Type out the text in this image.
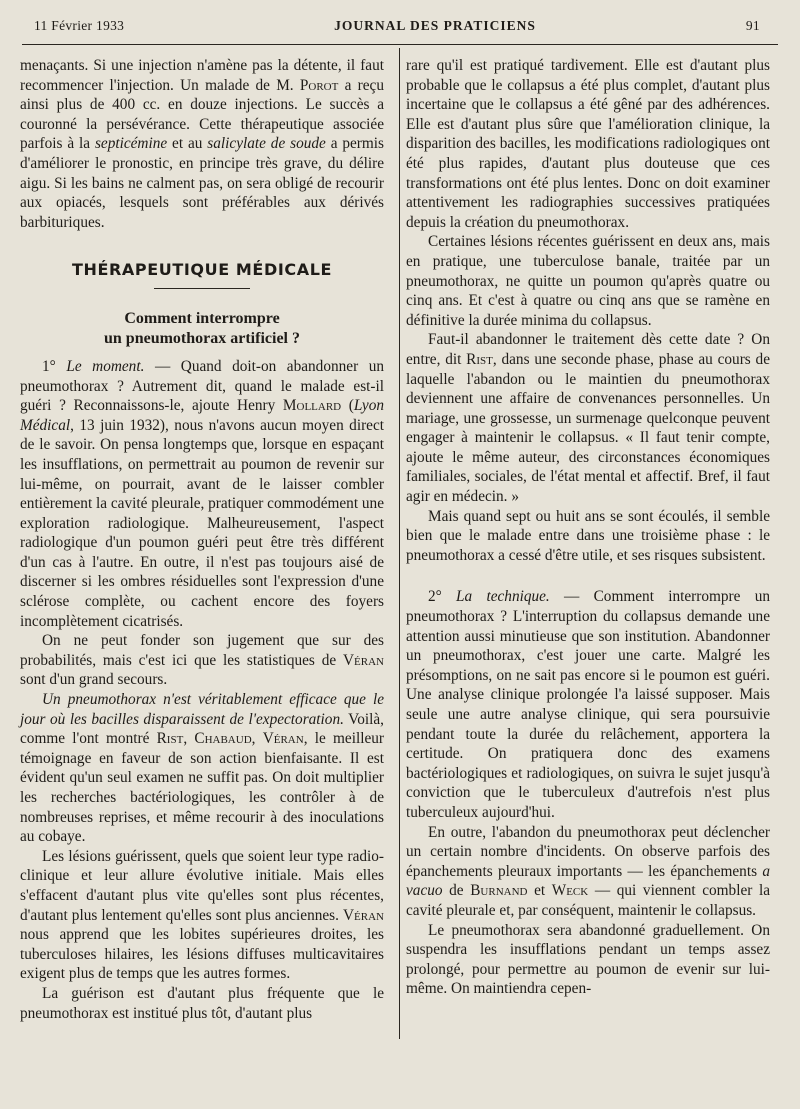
11 Février 1933	JOURNAL DES PRATICIENS	91

menaçants. Si une injection n'amène pas la détente, il faut recommencer l'injection. Un malade de M. Porot a reçu ainsi plus de 400 cc. en douze injections. Le succès a couronné la persévérance. Cette thérapeutique associée parfois à la septicémine et au salicylate de soude a permis d'améliorer le pronostic, en principe très grave, du délire aigu. Si les bains ne calment pas, on sera obligé de recourir aux opiacés, lesquels sont préférables aux dérivés barbituriques.

THÉRAPEUTIQUE MÉDICALE
Comment interrompre
un pneumothorax artificiel ?

1° Le moment. — Quand doit-on abandonner un pneumothorax ? Autrement dit, quand le malade est-il guéri ? Reconnaissons-le, ajoute Henry Mollard (Lyon Médical, 13 juin 1932), nous n'avons aucun moyen direct de le savoir. On pensa longtemps que, lorsque en espaçant les insufflations, on permettrait au poumon de revenir sur lui-même, on pourrait, avant de le laisser combler entièrement la cavité pleurale, pratiquer commodément une exploration radiologique. Malheureusement, l'aspect radiologique d'un poumon guéri peut être très différent d'un cas à l'autre. En outre, il n'est pas toujours aisé de discerner si les ombres résiduelles sont l'expression d'une sclérose complète, ou cachent encore des foyers incomplètement cicatrisés.

On ne peut fonder son jugement que sur des probabilités, mais c'est ici que les statistiques de Véran sont d'un grand secours.

Un pneumothorax n'est véritablement efficace que le jour où les bacilles disparaissent de l'expectoration. Voilà, comme l'ont montré Rist, Chabaud, Véran, le meilleur témoignage en faveur de son action bienfaisante. Il est évident qu'un seul examen ne suffit pas. On doit multiplier les recherches bactériologiques, les contrôler à de nombreuses reprises, et même recourir à des inoculations au cobaye.

Les lésions guérissent, quels que soient leur type radio-clinique et leur allure évolutive initiale. Mais elles s'effacent d'autant plus vite qu'elles sont plus récentes, d'autant plus lentement qu'elles sont plus anciennes. Véran nous apprend que les lobites supérieures droites, les tuberculoses hilaires, les lésions diffuses multicavitaires exigent plus de temps que les autres formes.

La guérison est d'autant plus fréquente que le pneumothorax est institué plus tôt, d'autant plus

rare qu'il est pratiqué tardivement. Elle est d'autant plus probable que le collapsus a été plus complet, d'autant plus incertaine que le collapsus a été gêné par des adhérences. Elle est d'autant plus sûre que l'amélioration clinique, la disparition des bacilles, les modifications radiologiques ont été plus rapides, d'autant plus douteuse que ces transformations ont été plus lentes. Donc on doit examiner attentivement les radiographies successives pratiquées depuis la création du pneumothorax.

Certaines lésions récentes guérissent en deux ans, mais en pratique, une tuberculose banale, traitée par un pneumothorax, ne quitte un poumon qu'après quatre ou cinq ans. Et c'est à quatre ou cinq ans que se ramène en définitive la durée minima du collapsus.

Faut-il abandonner le traitement dès cette date ? On entre, dit Rist, dans une seconde phase, phase au cours de laquelle l'abandon ou le maintien du pneumothorax deviennent une affaire de convenances personnelles. Un mariage, une grossesse, un surmenage quelconque peuvent engager à maintenir le collapsus. « Il faut tenir compte, ajoute le même auteur, des circonstances économiques familiales, sociales, de l'état mental et affectif. Bref, il faut agir en médecin. »

Mais quand sept ou huit ans se sont écoulés, il semble bien que le malade entre dans une troisième phase : le pneumothorax a cessé d'être utile, et ses risques subsistent.

2° La technique. — Comment interrompre un pneumothorax ? L'interruption du collapsus demande une attention aussi minutieuse que son institution. Abandonner un pneumothorax, c'est jouer une carte. Malgré les présomptions, on ne sait pas encore si le poumon est guéri. Une analyse clinique prolongée l'a laissé supposer. Mais seule une autre analyse clinique, qui sera poursuivie pendant toute la durée du relâchement, apportera la certitude. On pratiquera donc des examens bactériologiques et radiologiques, on suivra le sujet jusqu'à conviction que le tuberculeux d'autrefois n'est plus tuberculeux aujourd'hui.

En outre, l'abandon du pneumothorax peut déclencher un certain nombre d'incidents. On observe parfois des épanchements pleuraux importants — les épanchements a vacuo de Burnand et Weck — qui viennent combler la cavité pleurale et, par conséquent, maintenir le collapsus.

Le pneumothorax sera abandonné graduellement. On suspendra les insufflations pendant un temps assez prolongé, pour permettre au poumon de evenir sur lui-même. On maintiendra cepen-
